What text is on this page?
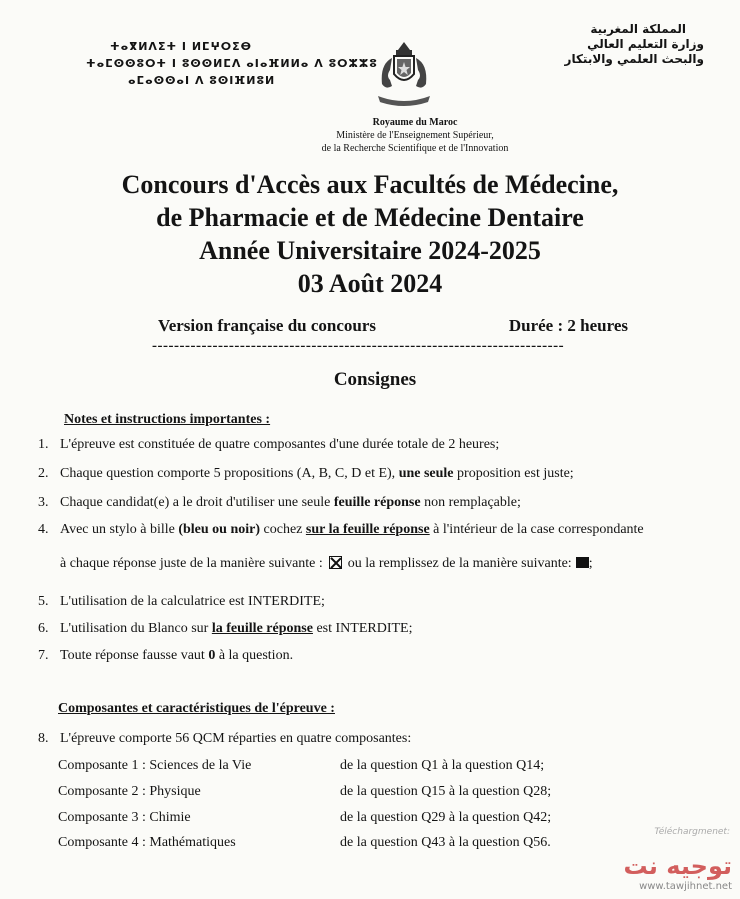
ⵜⴰⴳⵍⴷⵉⵜ ⵏ ⵍⵎⵖⵔⵉⴱ
ⵜⴰⵎⵙⵙⵓⵔⵜ ⵏ ⵓⵙⵙⵍⵎⴷ ⴰⵏⴰⴼⵍⵍⴰ ⴷ ⵓⵔⵣⵣⵓ
ⴰⵎⴰⵙⵙⴰⵏ ⴷ ⵓⵙⵏⴼⵍⵓⵍ
المملكة المغربية
وزارة التعليم العالي
والبحث العلمي والابتكار
Royaume du Maroc
Ministère de l'Enseignement Supérieur,
de la Recherche Scientifique et de l'Innovation
Concours d'Accès aux Facultés de Médecine,
de Pharmacie et de Médecine Dentaire
Année Universitaire 2024-2025
03 Août 2024
Version française du concours	Durée : 2 heures
---------------------------------------------------------------------------
Consignes
Notes et instructions importantes :
1. L'épreuve est constituée de quatre composantes d'une durée totale de 2 heures;
2. Chaque question comporte 5 propositions (A, B, C, D et E), une seule proposition est juste;
3. Chaque candidat(e) a le droit d'utiliser une seule feuille réponse non remplaçable;
4. Avec un stylo à bille (bleu ou noir) cochez sur la feuille réponse à l'intérieur de la case correspondante
à chaque réponse juste de la manière suivante : ou la remplissez de la manière suivante: ;
5. L'utilisation de la calculatrice est INTERDITE;
6. L'utilisation du Blanco sur la feuille réponse est INTERDITE;
7. Toute réponse fausse vaut 0 à la question.
Composantes et caractéristiques de l'épreuve :
8. L'épreuve comporte 56 QCM réparties en quatre composantes:
Composante 1 : Sciences de la Vie	de la question Q1 à la question Q14;
Composante 2 : Physique	de la question Q15 à la question Q28;
Composante 3 : Chimie	de la question Q29 à la question Q42;
Composante 4 : Mathématiques	de la question Q43 à la question Q56.
Téléchargmenet:
توجيه نت
www.tawjihnet.net
